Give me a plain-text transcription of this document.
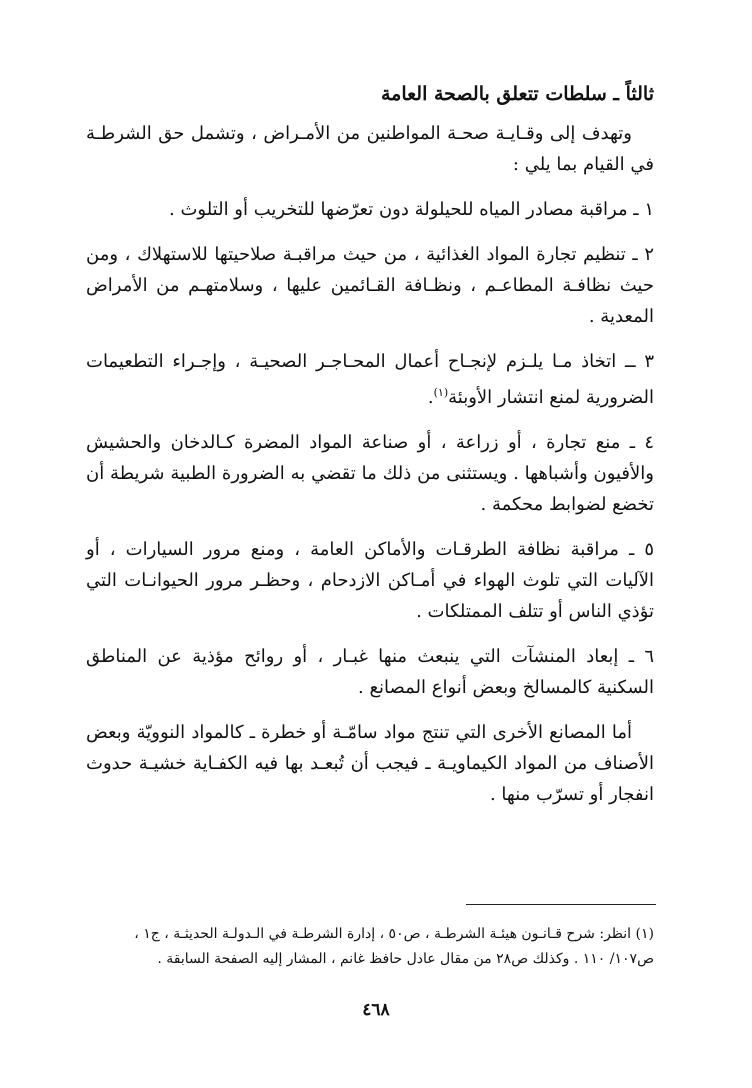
ثالثاً ـ سلطات تتعلق بالصحة العامة

وتهدف إلى وقـايـة صحـة المواطنين من الأمـراض ، وتشمل حق الشرطـة في القيام بما يلي :

١ ـ مراقبة مصادر المياه للحيلولة دون تعرّضها للتخريب أو التلوث .

٢ ـ تنظيم تجارة المواد الغذائية ، من حيث مراقبـة صلاحيتها للاستهلاك ، ومن حيث نظافـة المطاعـم ، ونظـافة القـائمين عليها ، وسلامتهـم من الأمراض المعدية .

٣ ــ اتخاذ مـا يلـزم لإنجـاح أعمال المحـاجـر الصحيـة ، وإجـراء التطعيمات الضرورية لمنع انتشار الأوبئة$^{(١)}$.

٤ ـ منع تجارة ، أو زراعة ، أو صناعة المواد المضرة كـالدخان والحشيش والأفيون وأشباهها . ويستثنى من ذلك ما تقضي به الضرورة الطبية شريطة أن تخضع لضوابط محكمة .

٥ ـ مراقبة نظافة الطرقـات والأماكن العامة ، ومنع مرور السيارات ، أو الآليات التي تلوث الهواء في أمـاكن الازدحام ، وحظـر مرور الحيوانـات التي تؤذي الناس أو تتلف الممتلكات .

٦ ـ إبعاد المنشآت التي ينبعث منها غبـار ، أو روائح مؤذية عن المناطق السكنية كالمسالخ وبعض أنواع المصانع .

أما المصانع الأخرى التي تنتج مواد سامّـة أو خطرة ـ كالمواد النوويّة وبعض الأصناف من المواد الكيماويـة ـ فيجب أن تُبعـد بها فيه الكفـاية خشيـة حدوث انفجار أو تسرّب منها .

(١) انظر: شرح قـانـون هيئـة الشرطـة ، ص٥٠ ، إدارة الشرطـة في الـدولـة الحديثـة ، ج١ ،
ص١٠٧/ ١١٠ . وكذلك ص٢٨ من مقال عادل حافظ غانم ، المشار إليه الصفحة السابقة .
٤٦٨
